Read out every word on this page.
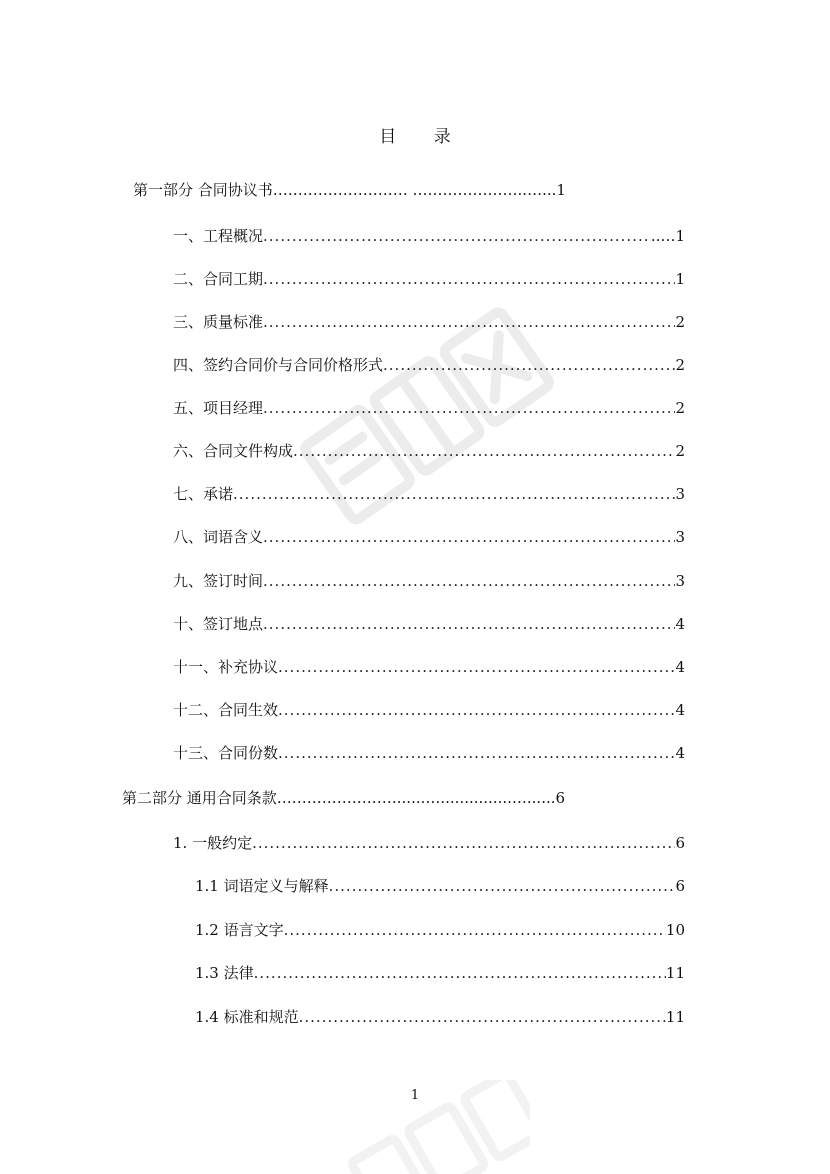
目 录
第一部分 合同协议书……………………… …………………..…...1
一、工程概况 .....	..…1
二、合同工期 .....	1
三、质量标准 .....	2
四、签约合同价与合同价格形式 .....	2
五、项目经理 .....	2
六、合同文件构成 .....	2
七、承诺 .....	3
八、词语含义 .....	3
九、签订时间 .....	3
十、签订地点 .....	4
十一、补充协议 .....	4
十二、合同生效 .....	4
十三、合同份数 .....	4
第二部分 通用合同条款……………………......…...............…......6
1. 一般约定 .....	6
1.1 词语定义与解释 .....	6
1.2 语言文字 .....	10
1.3 法律 .....	11
1.4 标准和规范 .....	11
1
